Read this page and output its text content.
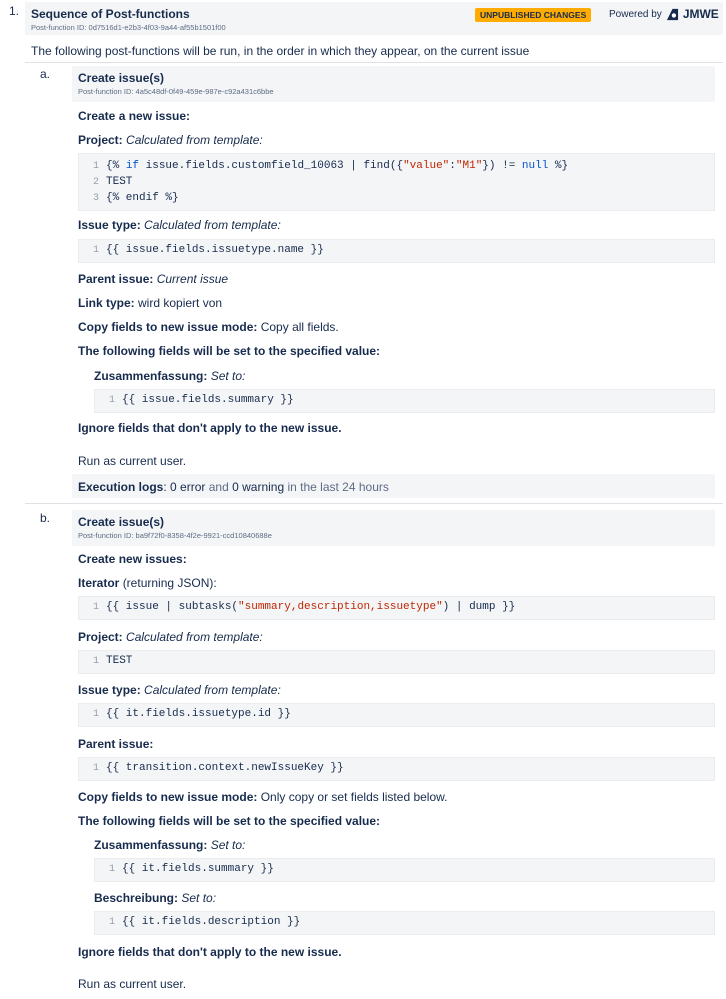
1. Sequence of Post-functions
Post-function ID: 0d7516d1-e2b3-4f03-9a44-af55b1501f00
UNPUBLISHED CHANGES	Powered by JMWE
The following post-functions will be run, in the order in which they appear, on the current issue
a. Create issue(s)
Post-function ID: 4a5c48df-0f49-459e-987e-c92a431c6bbe
Create a new issue:
Project: Calculated from template:
1 {% if issue.fields.customfield_10063 | find({"value":"M1"}) != null %}
2 TEST
3 {% endif %}
Issue type: Calculated from template:
1 {{ issue.fields.issuetype.name }}
Parent issue: Current issue
Link type: wird kopiert von
Copy fields to new issue mode: Copy all fields.
The following fields will be set to the specified value:
Zusammenfassung: Set to:
1 {{ issue.fields.summary }}
Ignore fields that don't apply to the new issue.
Run as current user.
Execution logs: 0 error and 0 warning in the last 24 hours
b. Create issue(s)
Post-function ID: ba9f72f0-8358-4f2e-9921-ccd10840688e
Create new issues:
Iterator (returning JSON):
1 {{ issue | subtasks("summary,description,issuetype") | dump }}
Project: Calculated from template:
1 TEST
Issue type: Calculated from template:
1 {{ it.fields.issuetype.id }}
Parent issue:
1 {{ transition.context.newIssueKey }}
Copy fields to new issue mode: Only copy or set fields listed below.
The following fields will be set to the specified value:
Zusammenfassung: Set to:
1 {{ it.fields.summary }}
Beschreibung: Set to:
1 {{ it.fields.description }}
Ignore fields that don't apply to the new issue.
Run as current user.
